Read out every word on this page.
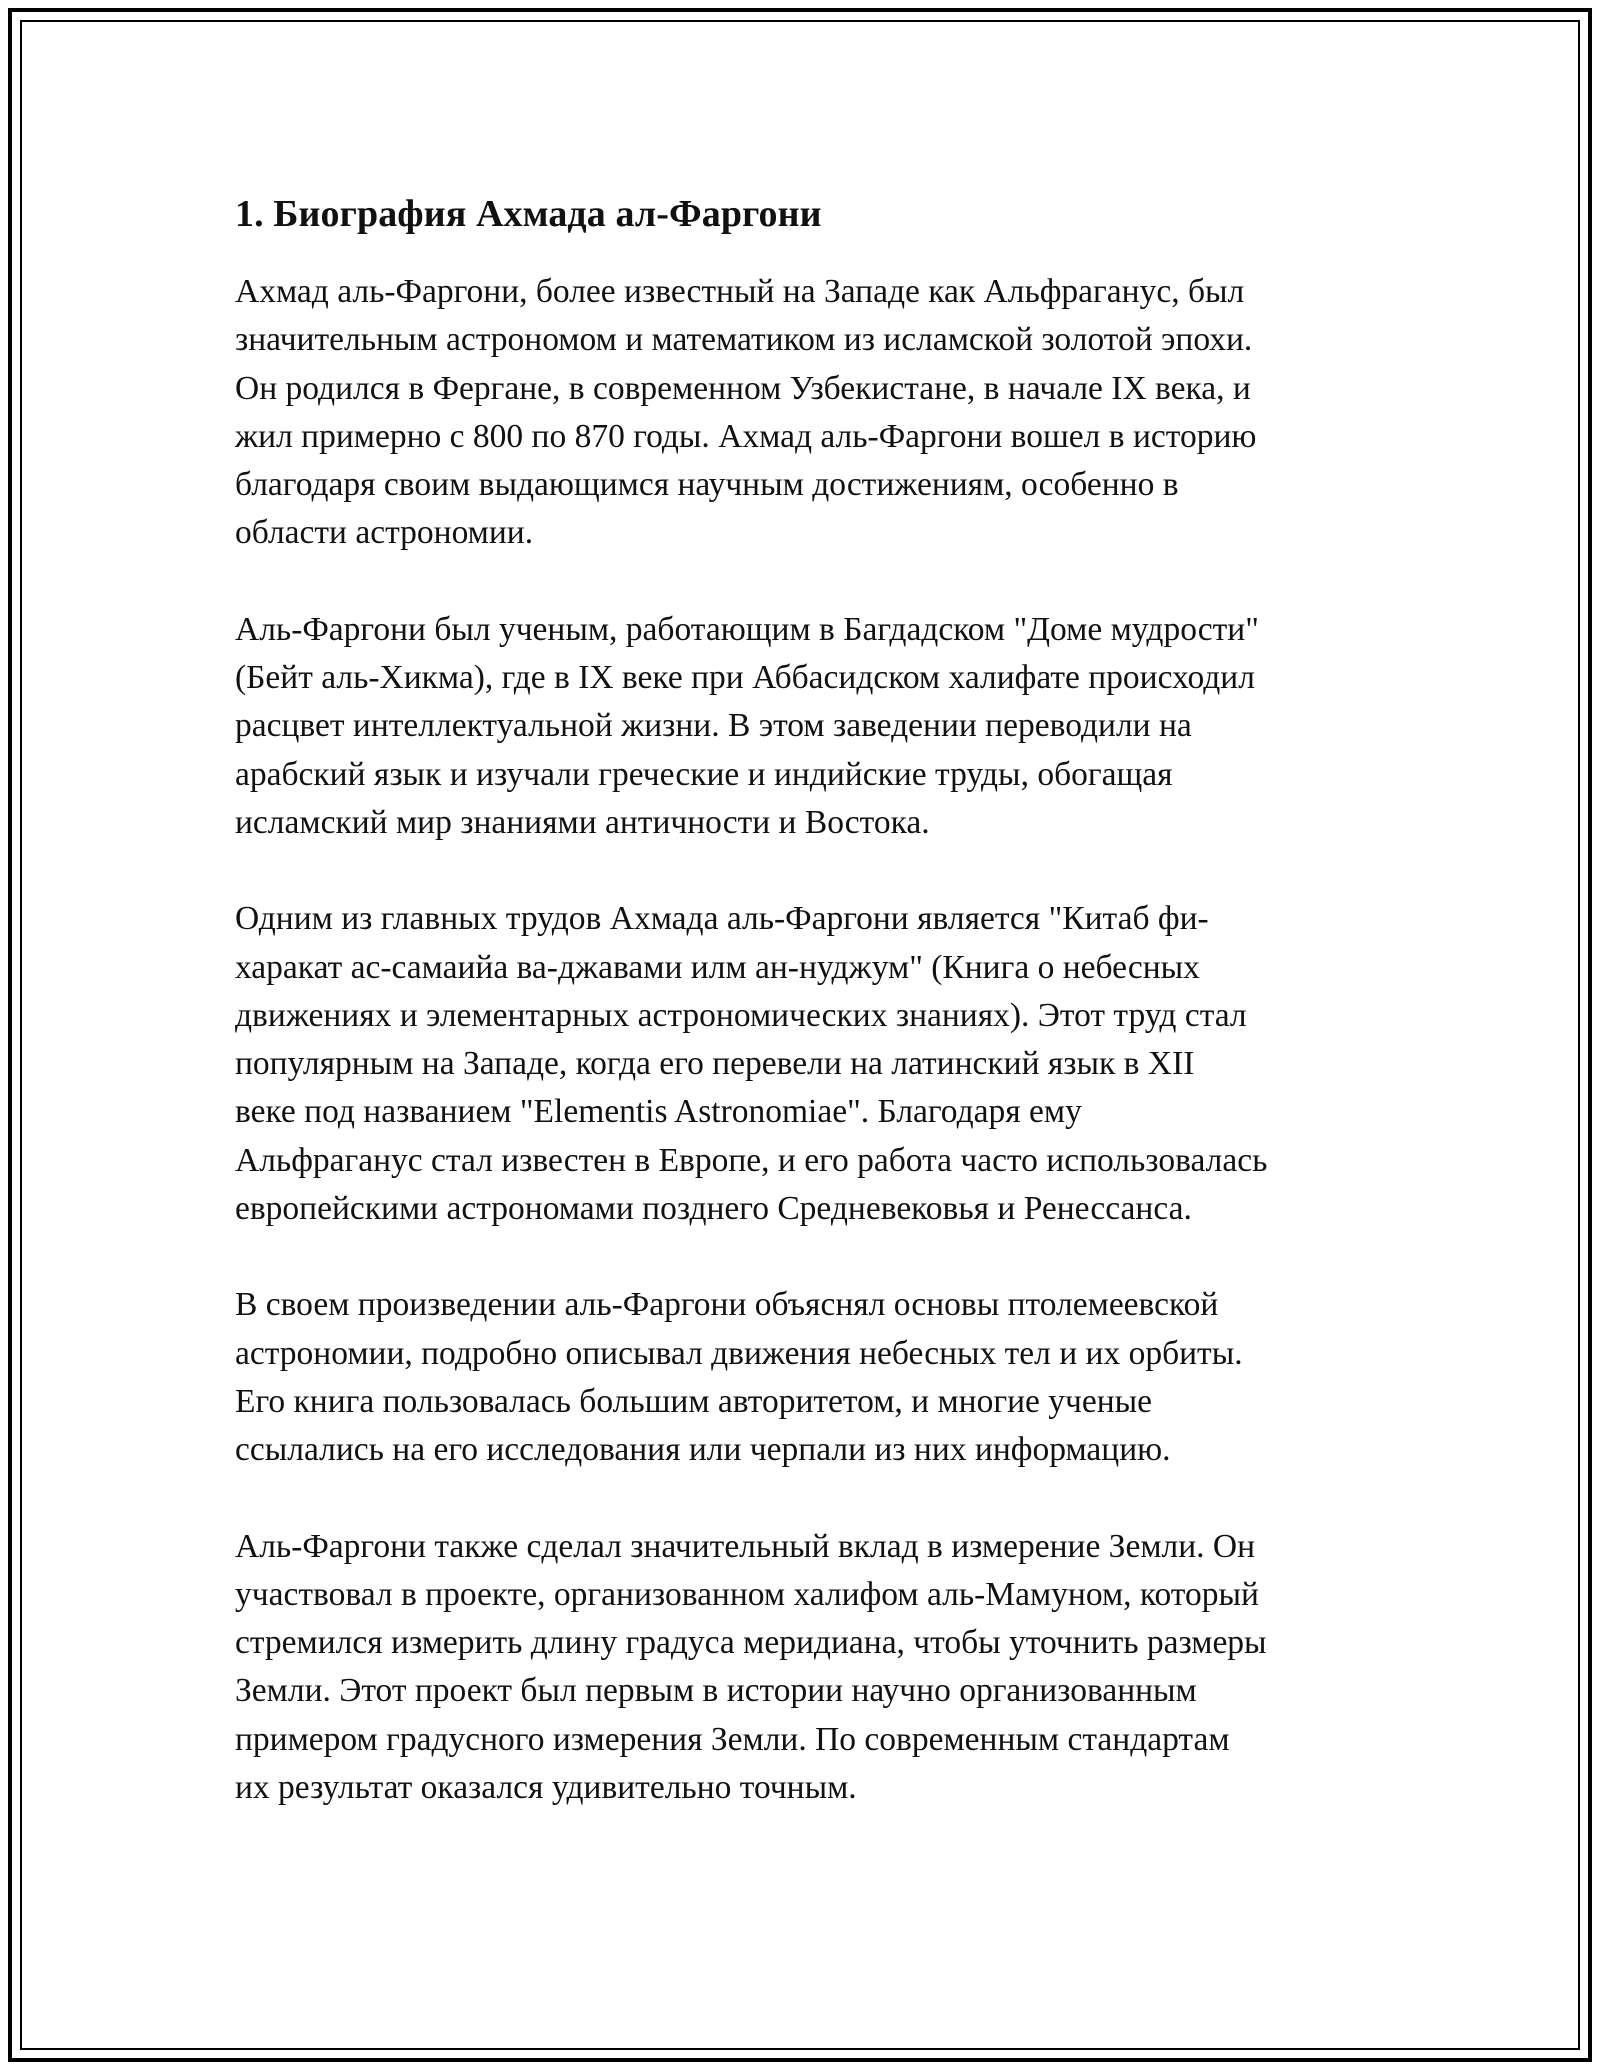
1. Биография Ахмада ал-Фаргони
Ахмад аль-Фаргони, более известный на Западе как Альфраганус, был
значительным астрономом и математиком из исламской золотой эпохи.
Он родился в Фергане, в современном Узбекистане, в начале IX века, и
жил примерно с 800 по 870 годы. Ахмад аль-Фаргони вошел в историю
благодаря своим выдающимся научным достижениям, особенно в
области астрономии.
Аль-Фаргони был ученым, работающим в Багдадском "Доме мудрости"
(Бейт аль-Хикма), где в IX веке при Аббасидском халифате происходил
расцвет интеллектуальной жизни. В этом заведении переводили на
арабский язык и изучали греческие и индийские труды, обогащая
исламский мир знаниями античности и Востока.
Одним из главных трудов Ахмада аль-Фаргони является "Китаб фи-
харакат ас-самаийа ва-джавами илм ан-нуджум" (Книга о небесных
движениях и элементарных астрономических знаниях). Этот труд стал
популярным на Западе, когда его перевели на латинский язык в XII
веке под названием "Elementis Astronomiae". Благодаря ему
Альфраганус стал известен в Европе, и его работа часто использовалась
европейскими астрономами позднего Средневековья и Ренессанса.
В своем произведении аль-Фаргони объяснял основы птолемеевской
астрономии, подробно описывал движения небесных тел и их орбиты.
Его книга пользовалась большим авторитетом, и многие ученые
ссылались на его исследования или черпали из них информацию.
Аль-Фаргони также сделал значительный вклад в измерение Земли. Он
участвовал в проекте, организованном халифом аль-Мамуном, который
стремился измерить длину градуса меридиана, чтобы уточнить размеры
Земли. Этот проект был первым в истории научно организованным
примером градусного измерения Земли. По современным стандартам
их результат оказался удивительно точным.
